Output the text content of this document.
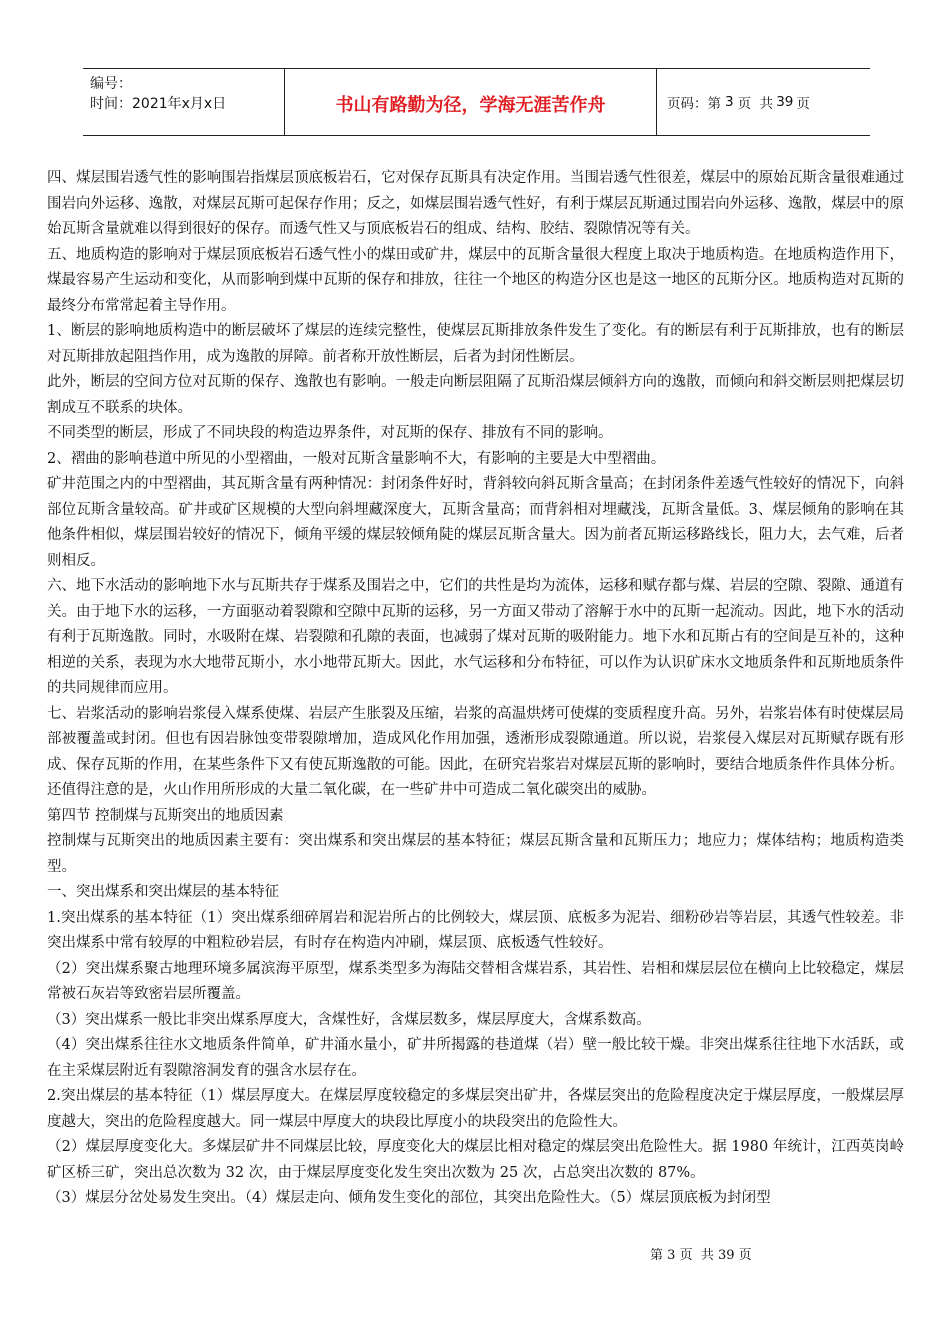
编号：
时间：2021年x月x日	书山有路勤为径，学海无涯苦作舟	页码：第 3 页  共 39 页

四、煤层围岩透气性的影响围岩指煤层顶底板岩石，它对保存瓦斯具有决定作用。当围岩透气性很差，煤层中的原始瓦斯含量很难通过围岩向外运移、逸散，对煤层瓦斯可起保存作用；反之，如煤层围岩透气性好，有利于煤层瓦斯通过围岩向外运移、逸散，煤层中的原始瓦斯含量就难以得到很好的保存。而透气性又与顶底板岩石的组成、结构、胶结、裂隙情况等有关。

五、地质构造的影响对于煤层顶底板岩石透气性小的煤田或矿井，煤层中的瓦斯含量很大程度上取决于地质构造。在地质构造作用下，煤最容易产生运动和变化，从而影响到煤中瓦斯的保存和排放，往往一个地区的构造分区也是这一地区的瓦斯分区。地质构造对瓦斯的最终分布常常起着主导作用。

1、断层的影响地质构造中的断层破坏了煤层的连续完整性，使煤层瓦斯排放条件发生了变化。有的断层有利于瓦斯排放，也有的断层对瓦斯排放起阻挡作用，成为逸散的屏障。前者称开放性断层，后者为封闭性断层。

此外，断层的空间方位对瓦斯的保存、逸散也有影响。一般走向断层阻隔了瓦斯沿煤层倾斜方向的逸散，而倾向和斜交断层则把煤层切割成互不联系的块体。

不同类型的断层，形成了不同块段的构造边界条件，对瓦斯的保存、排放有不同的影响。

2、褶曲的影响巷道中所见的小型褶曲，一般对瓦斯含量影响不大，有影响的主要是大中型褶曲。

矿井范围之内的中型褶曲，其瓦斯含量有两种情况：封闭条件好时，背斜较向斜瓦斯含量高；在封闭条件差透气性较好的情况下，向斜部位瓦斯含量较高。矿井或矿区规模的大型向斜埋藏深度大，瓦斯含量高；而背斜相对埋藏浅，瓦斯含量低。3、煤层倾角的影响在其他条件相似，煤层围岩较好的情况下，倾角平缓的煤层较倾角陡的煤层瓦斯含量大。因为前者瓦斯运移路线长，阻力大，去气难，后者则相反。

六、地下水活动的影响地下水与瓦斯共存于煤系及围岩之中，它们的共性是均为流体，运移和赋存都与煤、岩层的空隙、裂隙、通道有关。由于地下水的运移，一方面驱动着裂隙和空隙中瓦斯的运移，另一方面又带动了溶解于水中的瓦斯一起流动。因此，地下水的活动有利于瓦斯逸散。同时，水吸附在煤、岩裂隙和孔隙的表面，也减弱了煤对瓦斯的吸附能力。地下水和瓦斯占有的空间是互补的，这种相逆的关系，表现为水大地带瓦斯小，水小地带瓦斯大。因此，水气运移和分布特征，可以作为认识矿床水文地质条件和瓦斯地质条件的共同规律而应用。

七、岩浆活动的影响岩浆侵入煤系使煤、岩层产生胀裂及压缩，岩浆的高温烘烤可使煤的变质程度升高。另外，岩浆岩体有时使煤层局部被覆盖或封闭。但也有因岩脉蚀变带裂隙增加，造成风化作用加强，透淅形成裂隙通道。所以说，岩浆侵入煤层对瓦斯赋存既有形成、保存瓦斯的作用，在某些条件下又有使瓦斯逸散的可能。因此，在研究岩浆岩对煤层瓦斯的影响时，要结合地质条件作具体分析。还值得注意的是，火山作用所形成的大量二氧化碳，在一些矿井中可造成二氧化碳突出的威胁。

第四节 控制煤与瓦斯突出的地质因素

控制煤与瓦斯突出的地质因素主要有：突出煤系和突出煤层的基本特征；煤层瓦斯含量和瓦斯压力；地应力；煤体结构；地质构造类型。

一、突出煤系和突出煤层的基本特征

1.突出煤系的基本特征（1）突出煤系细碎屑岩和泥岩所占的比例较大，煤层顶、底板多为泥岩、细粉砂岩等岩层，其透气性较差。非突出煤系中常有较厚的中粗粒砂岩层，有时存在构造内冲刷，煤层顶、底板透气性较好。

（2）突出煤系聚古地理环境多属滨海平原型，煤系类型多为海陆交替相含煤岩系，其岩性、岩相和煤层层位在横向上比较稳定，煤层常被石灰岩等致密岩层所覆盖。

（3）突出煤系一般比非突出煤系厚度大，含煤性好，含煤层数多，煤层厚度大，含煤系数高。

（4）突出煤系往往水文地质条件简单，矿井涌水量小，矿井所揭露的巷道煤（岩）壁一般比较干燥。非突出煤系往往地下水活跃，或在主采煤层附近有裂隙溶洞发育的强含水层存在。

2.突出煤层的基本特征（1）煤层厚度大。在煤层厚度较稳定的多煤层突出矿井，各煤层突出的危险程度决定于煤层厚度，一般煤层厚度越大，突出的危险程度越大。同一煤层中厚度大的块段比厚度小的块段突出的危险性大。

（2）煤层厚度变化大。多煤层矿井不同煤层比较，厚度变化大的煤层比相对稳定的煤层突出危险性大。据 1980 年统计，江西英岗岭矿区桥三矿，突出总次数为 32 次，由于煤层厚度变化发生突出次数为 25 次，占总突出次数的 87%。

（3）煤层分岔处易发生突出。（4）煤层走向、倾角发生变化的部位，其突出危险性大。（5）煤层顶底板为封闭型

第 3 页  共 39 页
